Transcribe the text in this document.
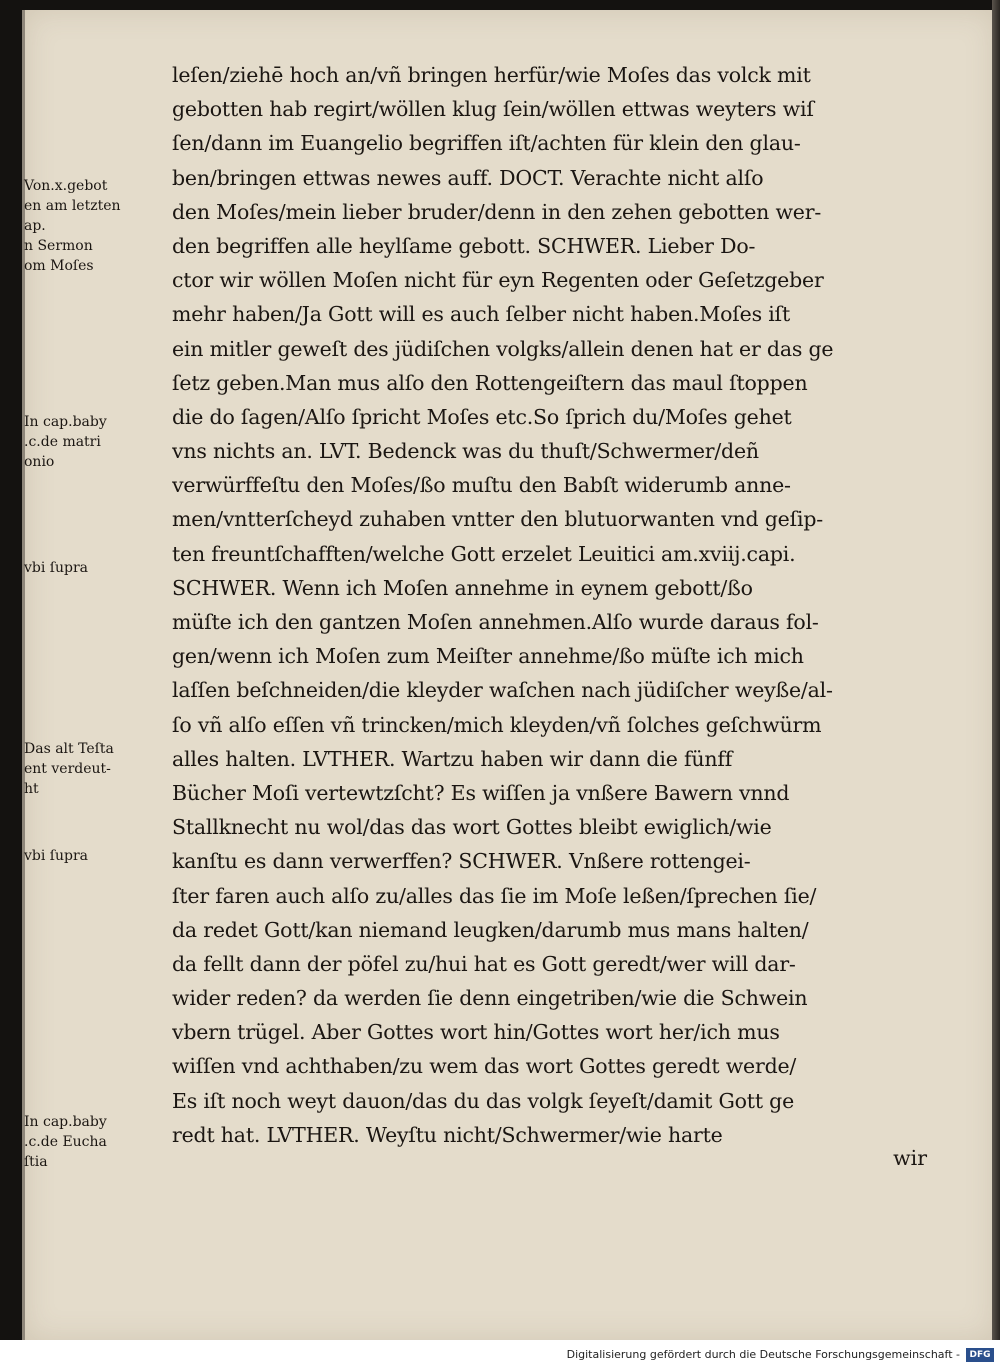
leſen/ziehē hoch an/vñ bringen herfür/wie Moſes das volck mit
gebotten hab regirt/wöllen klug ſein/wöllen ettwas weyters wiſ
ſen/dann im Euangelio begriffen iſt/achten für klein den glau-
ben/bringen ettwas newes auff. DOCT. Verachte nicht alſo
den Moſes/mein lieber bruder/denn in den zehen gebotten wer-
den begriffen alle heylſame gebott. SCHWER. Lieber Do-
ctor wir wöllen Moſen nicht für eyn Regenten oder Geſetzgeber
mehr haben/Ja Gott will es auch ſelber nicht haben.Moſes iſt
ein mitler geweſt des jüdiſchen volgks/allein denen hat er das ge
ſetz geben.Man mus alſo den Rottengeiſtern das maul ſtoppen
die do ſagen/Alſo ſpricht Moſes etc.So ſprich du/Moſes gehet
vns nichts an. LVT. Bedenck was du thuſt/Schwermer/deñ
verwürffeſtu den Moſes/ßo muſtu den Babſt widerumb anne-
men/vntterſcheyd zuhaben vntter den blutuorwanten vnd geſip-
ten freuntſchafften/welche Gott erzelet Leuitici am.xviij.capi.
SCHWER. Wenn ich Moſen annehme in eynem gebott/ßo
müſte ich den gantzen Moſen annehmen.Alſo wurde daraus fol-
gen/wenn ich Moſen zum Meiſter annehme/ßo müſte ich mich
laſſen beſchneiden/die kleyder waſchen nach jüdiſcher weyße/al-
ſo vñ alſo eſſen vñ trincken/mich kleyden/vñ ſolches geſchwürm
alles halten. LVTHER. Wartzu haben wir dann die fünff
Bücher Moſi vertewtzſcht? Es wiſſen ja vnßere Bawern vnnd
Stallknecht nu wol/das das wort Gottes bleibt ewiglich/wie
kanſtu es dann verwerffen? SCHWER. Vnßere rottengei-
ſter faren auch alſo zu/alles das ſie im Moſe leßen/ſprechen ſie/
da redet Gott/kan niemand leugken/darumb mus mans halten/
da fellt dann der pöfel zu/hui hat es Gott geredt/wer will dar-
wider reden? da werden ſie denn eingetriben/wie die Schwein
vbern trügel. Aber Gottes wort hin/Gottes wort her/ich mus
wiſſen vnd achthaben/zu wem das wort Gottes geredt werde/
Es iſt noch weyt dauon/das du das volgk ſeyeſt/damit Gott ge
redt hat. LVTHER. Weyſtu nicht/Schwermer/wie harte
wir
Von.x.gebot
en am letzten
ap.
n Sermon
om Moſes
In cap.baby
.c.de matri
onio
vbi ſupra
Das alt Teſta
ent verdeut-
ht
vbi ſupra
In cap.baby
.c.de Eucha
ſtia
Digitalisierung gefördert durch die Deutsche Forschungsgemeinschaft -	DFG
